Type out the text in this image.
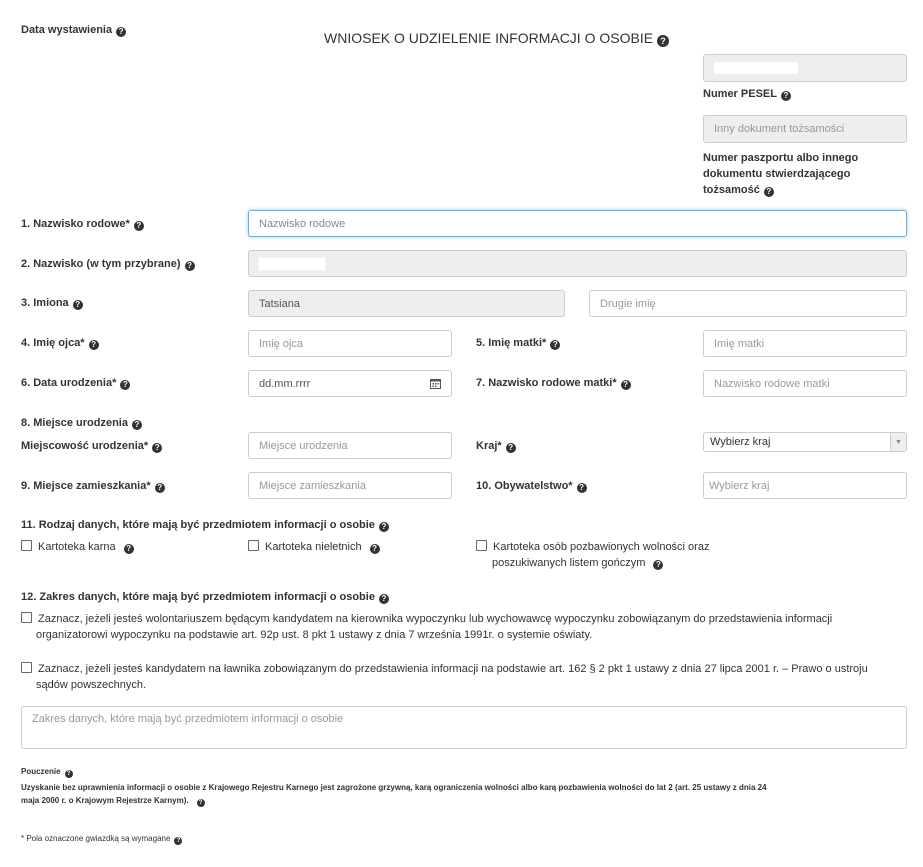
Data wystawienia ?	WNIOSEK O UDZIELENIE INFORMACJI O OSOBIE ?
Numer PESEL ?
Inny dokument tożsamości
Numer paszportu albo innego
dokumentu stwierdzającego
tożsamość ?
1. Nazwisko rodowe* ?	Nazwisko rodowe
2. Nazwisko (w tym przybrane) ?
3. Imiona ?	Tatsiana	Drugie imię
4. Imię ojca* ?	Imię ojca	5. Imię matki* ?	Imię matki
6. Data urodzenia* ?	dd.mm.rrrr	7. Nazwisko rodowe matki* ?	Nazwisko rodowe matki
8. Miejsce urodzenia ?
Miejscowość urodzenia* ?	Miejsce urodzenia	Kraj* ?	Wybierz kraj	▼
9. Miejsce zamieszkania* ?	Miejsce zamieszkania	10. Obywatelstwo* ?	Wybierz kraj
11. Rodzaj danych, które mają być przedmiotem informacji o osobie ?
Kartoteka karna ?	Kartoteka nieletnich ?	Kartoteka osób pozbawionych wolności oraz
poszukiwanych listem gończym ?
12. Zakres danych, które mają być przedmiotem informacji o osobie ?
Zaznacz, jeżeli jesteś wolontariuszem będącym kandydatem na kierownika wypoczynku lub wychowawcę wypoczynku zobowiązanym do przedstawienia informacji
organizatorowi wypoczynku na podstawie art. 92p ust. 8 pkt 1 ustawy z dnia 7 września 1991r. o systemie oświaty.
Zaznacz, jeżeli jesteś kandydatem na ławnika zobowiązanym do przedstawienia informacji na podstawie art. 162 § 2 pkt 1 ustawy z dnia 27 lipca 2001 r. – Prawo o ustroju
sądów powszechnych.
Zakres danych, które mają być przedmiotem informacji o osobie
Pouczenie ?
Uzyskanie bez uprawnienia informacji o osobie z Krajowego Rejestru Karnego jest zagrożone grzywną, karą ograniczenia wolności albo karą pozbawienia wolności do lat 2 (art. 25 ustawy z dnia 24
maja 2000 r. o Krajowym Rejestrze Karnym). ?
* Pola oznaczone gwiazdką są wymagane ?
